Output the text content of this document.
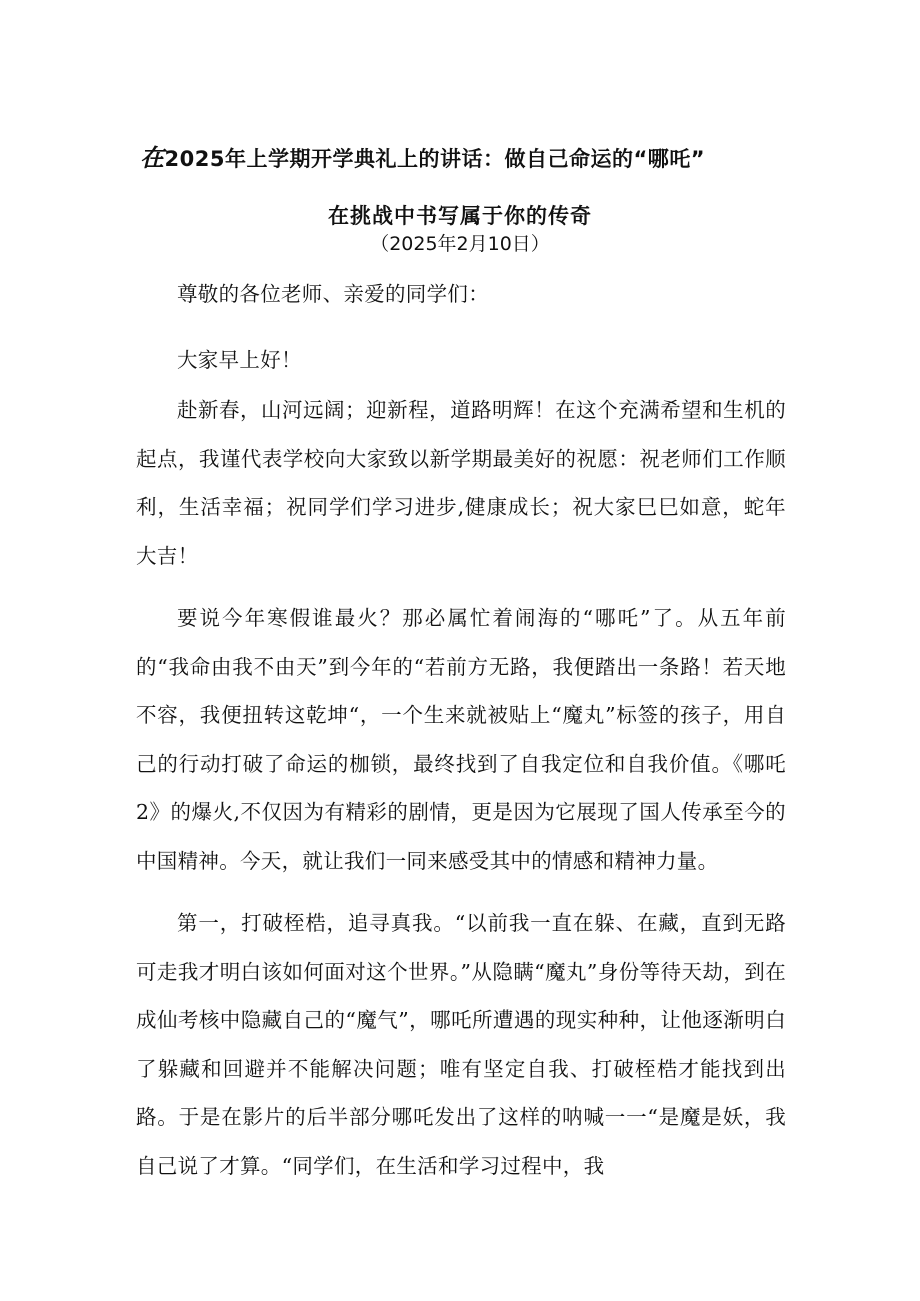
在2025年上学期开学典礼上的讲话：做自己命运的“哪吒”
在挑战中书写属于你的传奇
（2025年2月10日）

尊敬的各位老师、亲爱的同学们：

大家早上好！

赴新春，山河远阔；迎新程，道路明辉！在这个充满希望和生机的起点，我谨代表学校向大家致以新学期最美好的祝愿：祝老师们工作顺利，生活幸福；祝同学们学习进步,健康成长；祝大家巳巳如意，蛇年大吉！

要说今年寒假谁最火？那必属忙着闹海的“哪吒”了。从五年前的“我命由我不由天”到今年的“若前方无路，我便踏出一条路！若天地不容，我便扭转这乾坤“，一个生来就被贴上“魔丸”标签的孩子，用自己的行动打破了命运的枷锁，最终找到了自我定位和自我价值。《哪吒2》的爆火,不仅因为有精彩的剧情，更是因为它展现了国人传承至今的中国精神。今天，就让我们一同来感受其中的情感和精神力量。

第一，打破桎梏，追寻真我。“以前我一直在躲、在藏，直到无路可走我才明白该如何面对这个世界。”从隐瞒“魔丸”身份等待天劫，到在成仙考核中隐藏自己的“魔气”，哪吒所遭遇的现实种种，让他逐渐明白了躲藏和回避并不能解决问题；唯有坚定自我、打破桎梏才能找到出路。于是在影片的后半部分哪吒发出了这样的呐喊一一“是魔是妖，我自己说了才算。“同学们，在生活和学习过程中，我
